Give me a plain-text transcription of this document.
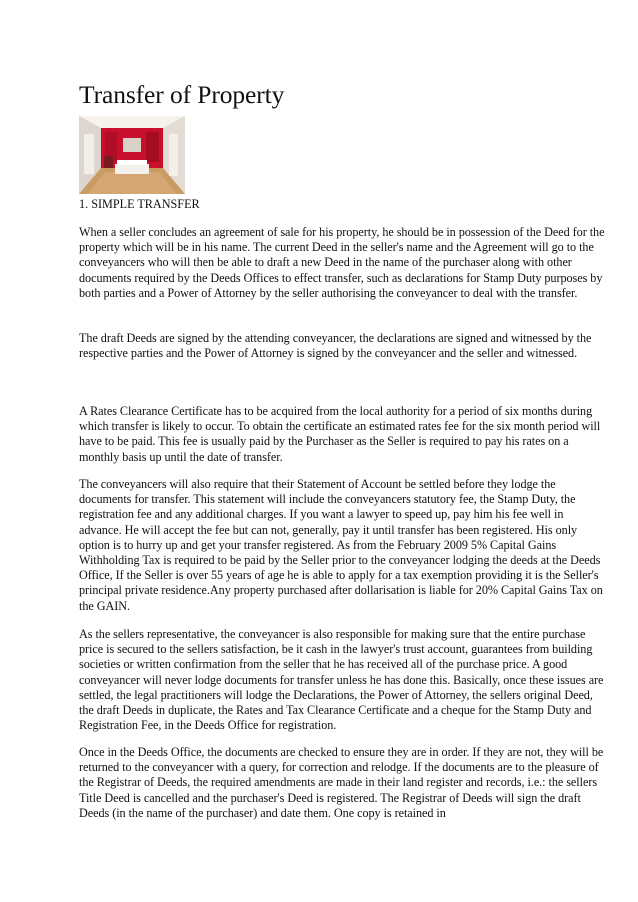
Transfer of Property

1. SIMPLE TRANSFER

When a seller concludes an agreement of sale for his property, he should be in possession of the Deed for the property which will be in his name. The current Deed in the seller's name and the Agreement will go to the conveyancers who will then be able to draft a new Deed in the name of the purchaser along with other documents required by the Deeds Offices to effect transfer, such as declarations for Stamp Duty purposes by both parties and a Power of Attorney by the seller authorising the conveyancer to deal with the transfer.

The draft Deeds are signed by the attending conveyancer, the declarations are signed and witnessed by the respective parties and the Power of Attorney is signed by the conveyancer and the seller and witnessed.

A Rates Clearance Certificate has to be acquired from the local authority for a period of six months during which transfer is likely to occur. To obtain the certificate an estimated rates fee for the six month period will have to be paid. This fee is usually paid by the Purchaser as the Seller is required to pay his rates on a monthly basis up until the date of transfer.

The conveyancers will also require that their Statement of Account be settled before they lodge the documents for transfer. This statement will include the conveyancers statutory fee, the Stamp Duty, the registration fee and any additional charges. If you want a lawyer to speed up, pay him his fee well in advance. He will accept the fee but can not, generally, pay it until transfer has been registered. His only option is to hurry up and get your transfer registered. As from the February 2009 5% Capital Gains Withholding Tax is required to be paid by the Seller prior to the conveyancer lodging the deeds at the Deeds Office, If the Seller is over 55 years of age he is able to apply for a tax exemption providing it is the Seller's principal private residence.Any property purchased after dollarisation is liable for 20% Capital Gains Tax on the GAIN.

As the sellers representative, the conveyancer is also responsible for making sure that the entire purchase price is secured to the sellers satisfaction, be it cash in the lawyer's trust account, guarantees from building societies or written confirmation from the seller that he has received all of the purchase price. A good conveyancer will never lodge documents for transfer unless he has done this. Basically, once these issues are settled, the legal practitioners will lodge the Declarations, the Power of Attorney, the sellers original Deed, the draft Deeds in duplicate, the Rates and Tax Clearance Certificate and a cheque for the Stamp Duty and Registration Fee, in the Deeds Office for registration.

Once in the Deeds Office, the documents are checked to ensure they are in order. If they are not, they will be returned to the conveyancer with a query, for correction and relodge. If the documents are to the pleasure of the Registrar of Deeds, the required amendments are made in their land register and records, i.e.: the sellers Title Deed is cancelled and the purchaser's Deed is registered. The Registrar of Deeds will sign the draft Deeds (in the name of the purchaser) and date them. One copy is retained in
